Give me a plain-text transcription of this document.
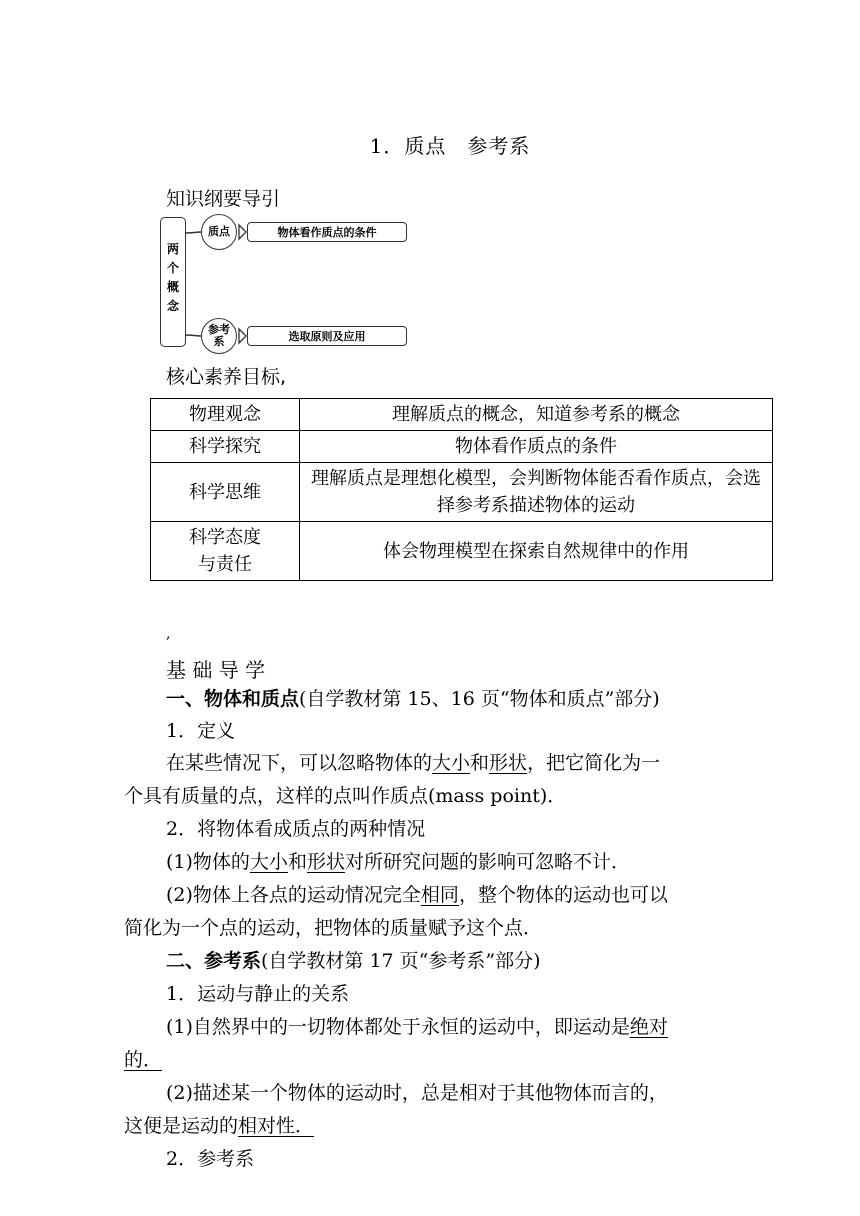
1．质点　参考系
知识纲要导引
两
个
概
念
质点	物体看作质点的条件
参考
系	选取原则及应用
核心素养目标,
物理观念	理解质点的概念，知道参考系的概念
科学探究	物体看作质点的条件
科学思维	理解质点是理想化模型，会判断物体能否看作质点，会选择参考系描述物体的运动

科学态度
与责任	体会物理模型在探索自然规律中的作用
,
基 础 导 学
一、物体和质点(自学教材第 15、16 页“物体和质点”部分)
1．定义
在某些情况下，可以忽略物体的大小和形状，把它简化为一
个具有质量的点，这样的点叫作质点(mass point)．
2．将物体看成质点的两种情况
(1)物体的大小和形状对所研究问题的影响可忽略不计．
(2)物体上各点的运动情况完全相同，整个物体的运动也可以
简化为一个点的运动，把物体的质量赋予这个点．
二、参考系(自学教材第 17 页“参考系”部分)
1．运动与静止的关系
(1)自然界中的一切物体都处于永恒的运动中，即运动是绝对
的．
(2)描述某一个物体的运动时，总是相对于其他物体而言的，
这便是运动的相对性．
2．参考系
